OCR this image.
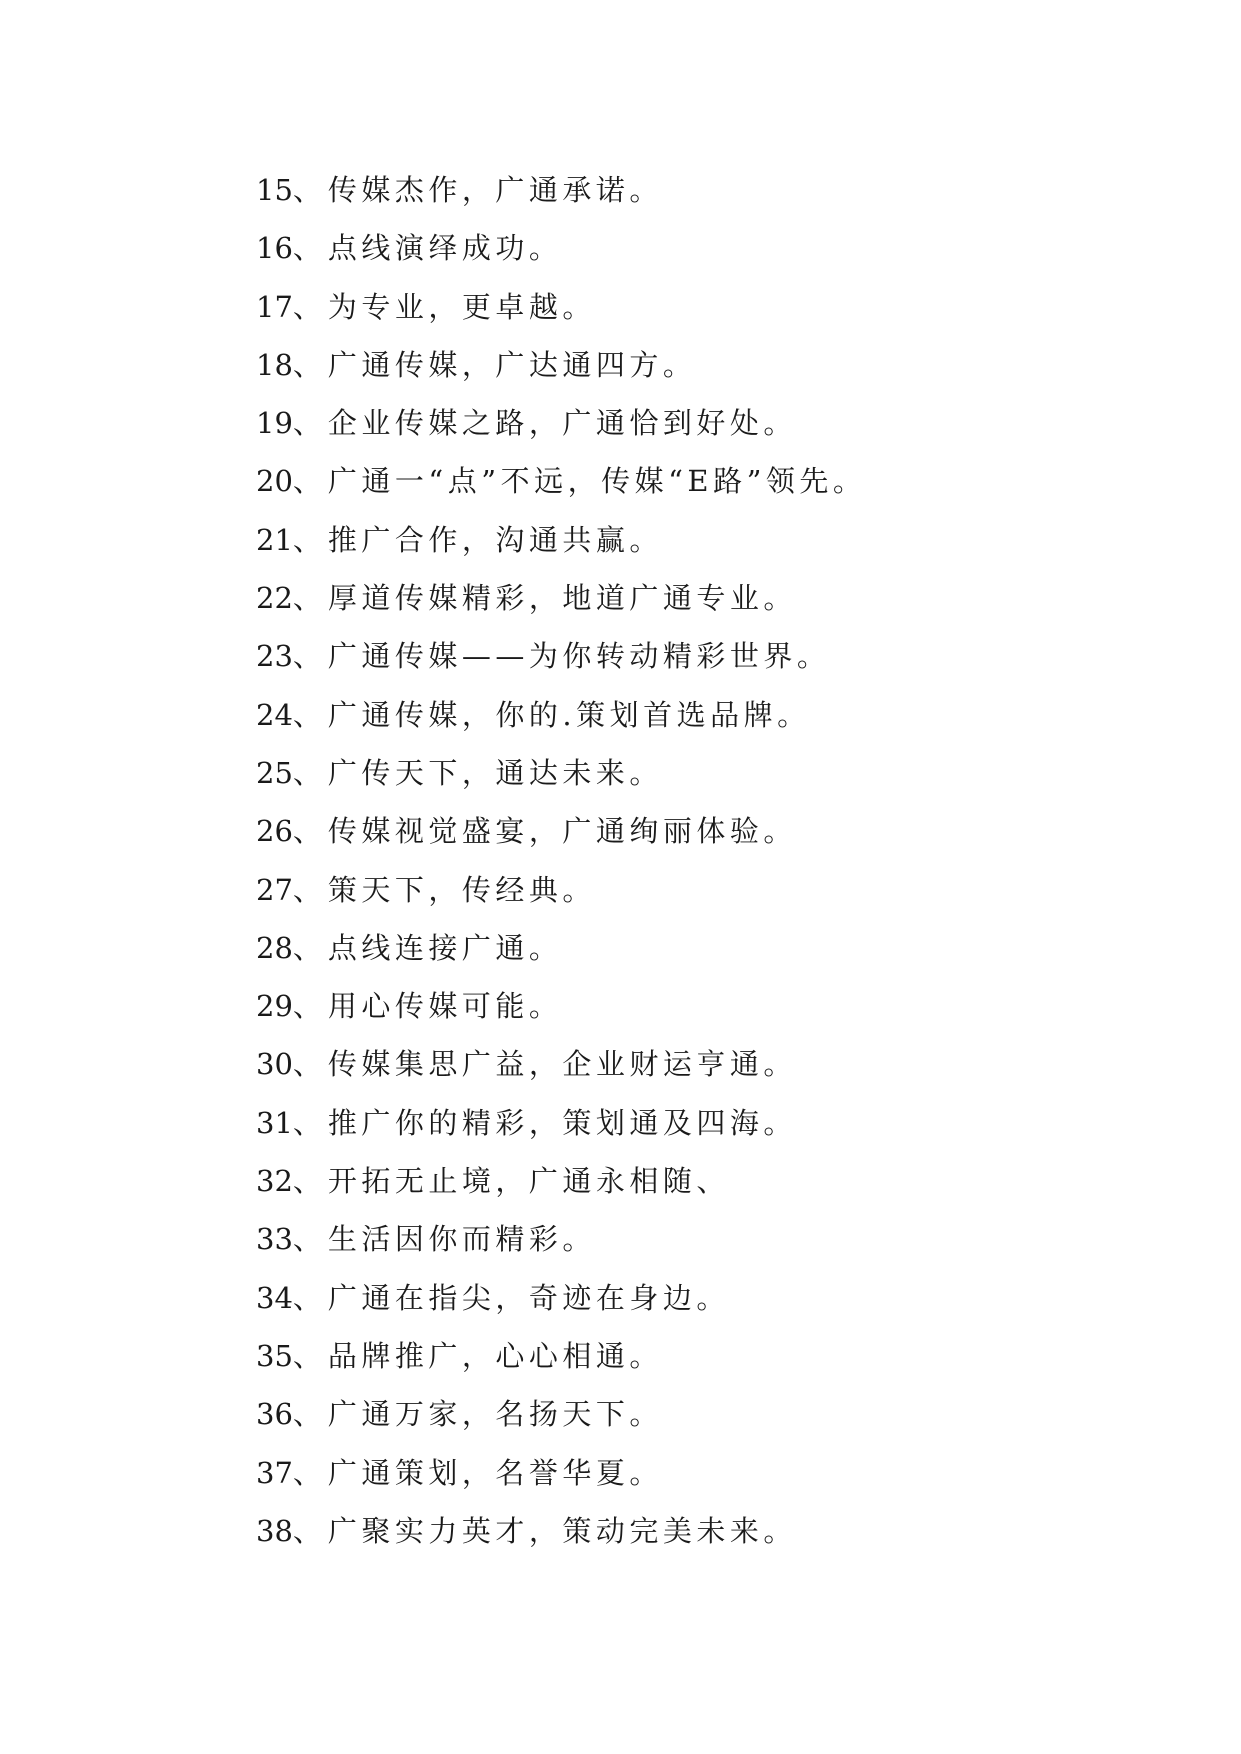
15、 传媒杰作，广通承诺。
16、 点线演绎成功。
17、 为专业，更卓越。
18、 广通传媒，广达通四方。
19、 企业传媒之路，广通恰到好处。
20、 广通一“点”不远，传媒“E路”领先。
21、 推广合作，沟通共赢。
22、 厚道传媒精彩，地道广通专业。
23、 广通传媒——为你转动精彩世界。
24、 广通传媒，你的.策划首选品牌。
25、 广传天下，通达未来。
26、 传媒视觉盛宴，广通绚丽体验。
27、 策天下，传经典。
28、 点线连接广通。
29、 用心传媒可能。
30、 传媒集思广益，企业财运亨通。
31、 推广你的精彩，策划通及四海。
32、 开拓无止境，广通永相随、
33、 生活因你而精彩。
34、 广通在指尖，奇迹在身边。
35、 品牌推广，心心相通。
36、 广通万家，名扬天下。
37、 广通策划，名誉华夏。
38、 广聚实力英才，策动完美未来。
